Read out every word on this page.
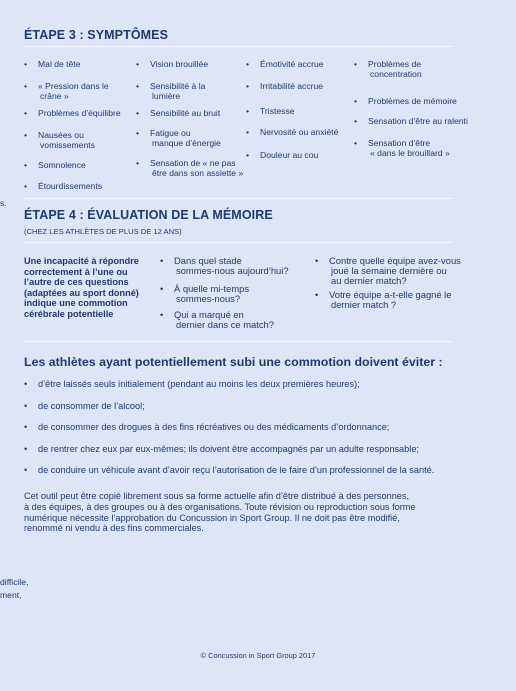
s.
difficile,
ment,
ÉTAPE 3 : SYMPTÔMES
• Mal de tête
• « Pression dans le
crâne »
• Problèmes d’équilibre
• Nausées ou
vomissements
• Somnolence
• Étourdissements
• Vision brouillée
• Sensibilité à la
lumière
• Sensibilité au bruit
• Fatigue ou
manque d’énergie
• Sensation de « ne pas
être dans son assiette »
• Émotivité accrue
• Irritabilité accrue
• Tristesse
• Nervosité ou anxiété
• Douleur au cou
• Problèmes de
concentration
• Problèmes de mémoire
• Sensation d’être au ralenti
• Sensation d’être
« dans le brouillard »
ÉTAPE 4 : ÉVALUATION DE LA MÉMOIRE
(CHEZ LES ATHLÈTES DE PLUS DE 12 ANS)
Une incapacité à répondre
correctement à l’une ou
l’autre de ces questions
(adaptées au sport donné)
indique une commotion
cérébrale potentielle
• Dans quel stade
sommes-nous aujourd’hui?
• À quelle mi-temps
sommes-nous?
• Qui a marqué en
dernier dans ce match?
• Contre quelle équipe avez-vous
joué la semaine dernière ou
au dernier match?
• Votre équipe a-t-elle gagné le
dernier match ?
Les athlètes ayant potentiellement subi une commotion doivent éviter :
• d’être laissés seuls initialement (pendant au moins les deux premières heures);
• de consommer de l’alcool;
• de consommer des drogues à des fins récréatives ou des médicaments d’ordonnance;
• de rentrer chez eux par eux-mêmes; ils doivent être accompagnés par un adulte responsable;
• de conduire un véhicule avant d’avoir reçu l’autorisation de le faire d’un professionnel de la santé.
Cet outil peut être copié librement sous sa forme actuelle afin d’être distribué à des personnes,
à des équipes, à des groupes ou à des organisations. Toute révision ou reproduction sous forme
numérique nécessite l’approbation du Concussion in Sport Group. Il ne doit pas être modifié,
renommé ni vendu à des fins commerciales.
© Concussion in Sport Group 2017
